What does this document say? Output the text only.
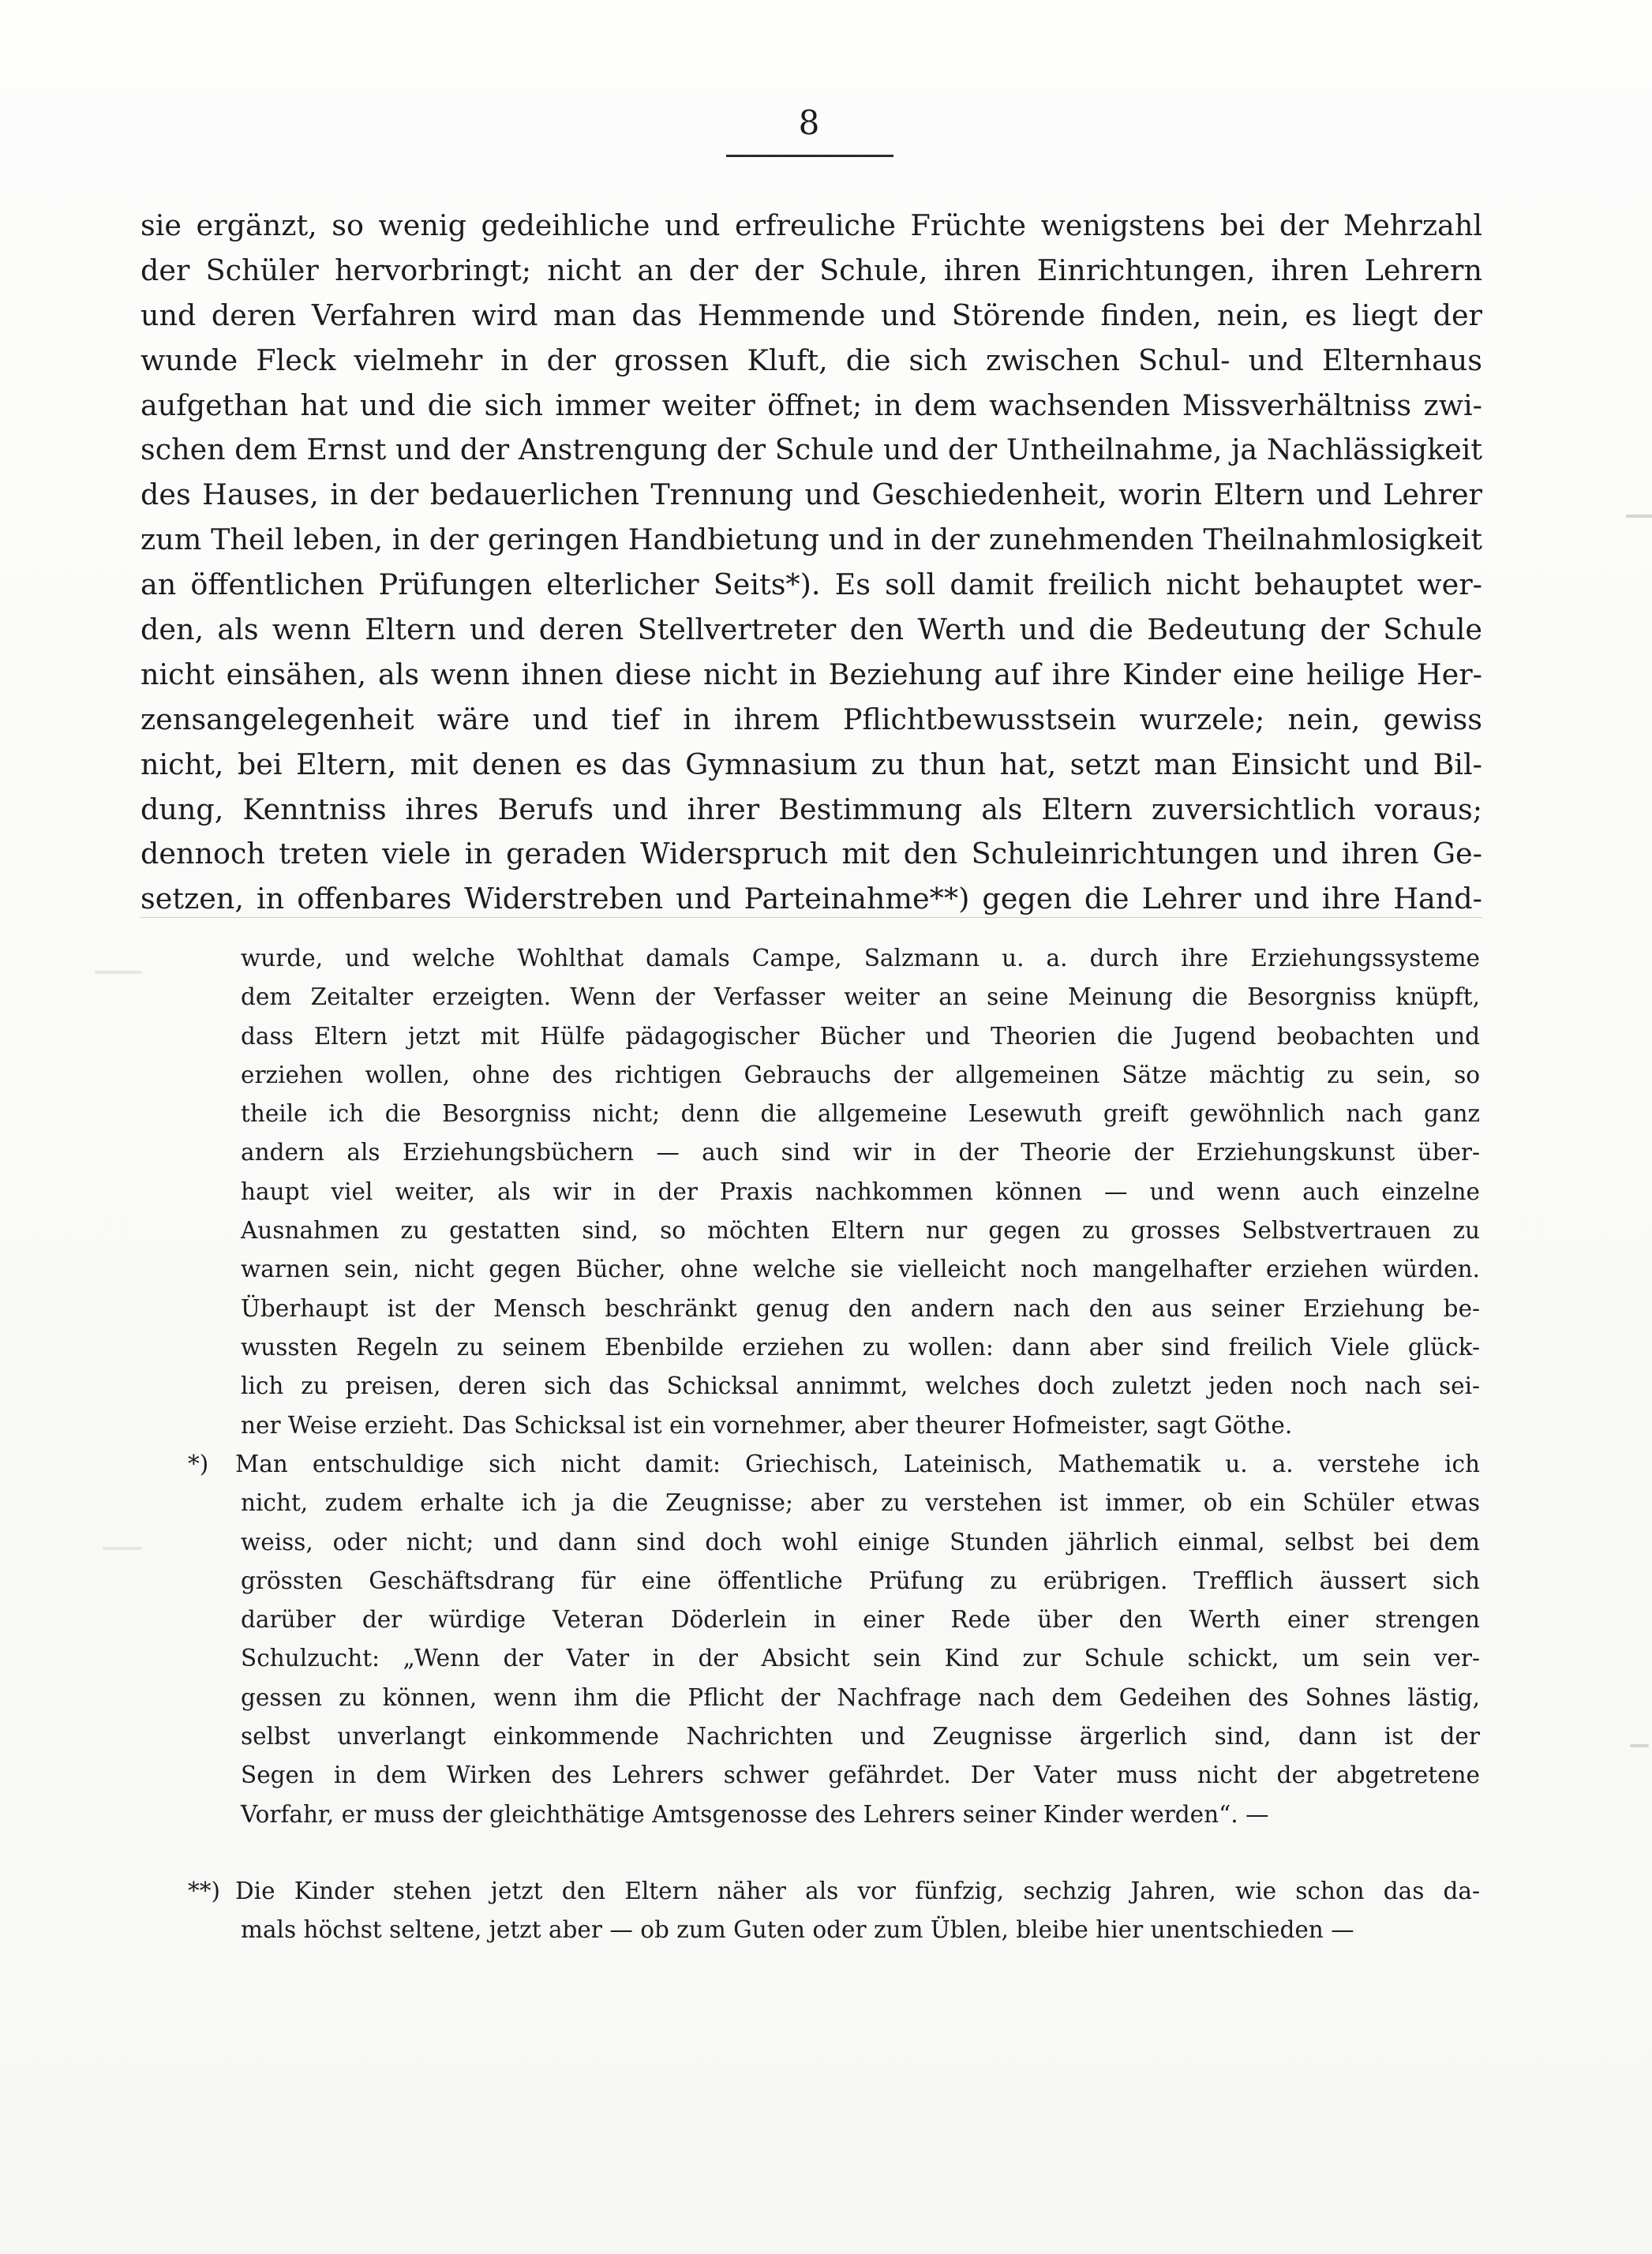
8
sie ergänzt, so wenig gedeihliche und erfreuliche Früchte wenigstens bei der Mehrzahl
der Schüler hervorbringt; nicht an der der Schule, ihren Einrichtungen, ihren Lehrern
und deren Verfahren wird man das Hemmende und Störende finden, nein, es liegt der
wunde Fleck vielmehr in der grossen Kluft, die sich zwischen Schul- und Elternhaus
aufgethan hat und die sich immer weiter öffnet; in dem wachsenden Missverhältniss zwi-
schen dem Ernst und der Anstrengung der Schule und der Untheilnahme, ja Nachlässigkeit
des Hauses, in der bedauerlichen Trennung und Geschiedenheit, worin Eltern und Lehrer
zum Theil leben, in der geringen Handbietung und in der zunehmenden Theilnahmlosigkeit
an öffentlichen Prüfungen elterlicher Seits*). Es soll damit freilich nicht behauptet wer-
den, als wenn Eltern und deren Stellvertreter den Werth und die Bedeutung der Schule
nicht einsähen, als wenn ihnen diese nicht in Beziehung auf ihre Kinder eine heilige Her-
zensangelegenheit wäre und tief in ihrem Pflichtbewusstsein wurzele; nein, gewiss
nicht, bei Eltern, mit denen es das Gymnasium zu thun hat, setzt man Einsicht und Bil-
dung, Kenntniss ihres Berufs und ihrer Bestimmung als Eltern zuversichtlich voraus;
dennoch treten viele in geraden Widerspruch mit den Schuleinrichtungen und ihren Ge-
setzen, in offenbares Widerstreben und Parteinahme**) gegen die Lehrer und ihre Hand-
wurde, und welche Wohlthat damals Campe, Salzmann u. a. durch ihre Erziehungssysteme
dem Zeitalter erzeigten. Wenn der Verfasser weiter an seine Meinung die Besorgniss knüpft,
dass Eltern jetzt mit Hülfe pädagogischer Bücher und Theorien die Jugend beobachten und
erziehen wollen, ohne des richtigen Gebrauchs der allgemeinen Sätze mächtig zu sein, so
theile ich die Besorgniss nicht; denn die allgemeine Lesewuth greift gewöhnlich nach ganz
andern als Erziehungsbüchern — auch sind wir in der Theorie der Erziehungskunst über-
haupt viel weiter, als wir in der Praxis nachkommen können — und wenn auch einzelne
Ausnahmen zu gestatten sind, so möchten Eltern nur gegen zu grosses Selbstvertrauen zu
warnen sein, nicht gegen Bücher, ohne welche sie vielleicht noch mangelhafter erziehen würden.
Überhaupt ist der Mensch beschränkt genug den andern nach den aus seiner Erziehung be-
wussten Regeln zu seinem Ebenbilde erziehen zu wollen: dann aber sind freilich Viele glück-
lich zu preisen, deren sich das Schicksal annimmt, welches doch zuletzt jeden noch nach sei-
ner Weise erzieht. Das Schicksal ist ein vornehmer, aber theurer Hofmeister, sagt Göthe.
*) Man entschuldige sich nicht damit: Griechisch, Lateinisch, Mathematik u. a. verstehe ich
nicht, zudem erhalte ich ja die Zeugnisse; aber zu verstehen ist immer, ob ein Schüler etwas
weiss, oder nicht; und dann sind doch wohl einige Stunden jährlich einmal, selbst bei dem
grössten Geschäftsdrang für eine öffentliche Prüfung zu erübrigen. Trefflich äussert sich
darüber der würdige Veteran Döderlein in einer Rede über den Werth einer strengen
Schulzucht: „Wenn der Vater in der Absicht sein Kind zur Schule schickt, um sein ver-
gessen zu können, wenn ihm die Pflicht der Nachfrage nach dem Gedeihen des Sohnes lästig,
selbst unverlangt einkommende Nachrichten und Zeugnisse ärgerlich sind, dann ist der
Segen in dem Wirken des Lehrers schwer gefährdet. Der Vater muss nicht der abgetretene
Vorfahr, er muss der gleichthätige Amtsgenosse des Lehrers seiner Kinder werden“. —
**) Die Kinder stehen jetzt den Eltern näher als vor fünfzig, sechzig Jahren, wie schon das da-
mals höchst seltene, jetzt aber — ob zum Guten oder zum Üblen, bleibe hier unentschieden —
